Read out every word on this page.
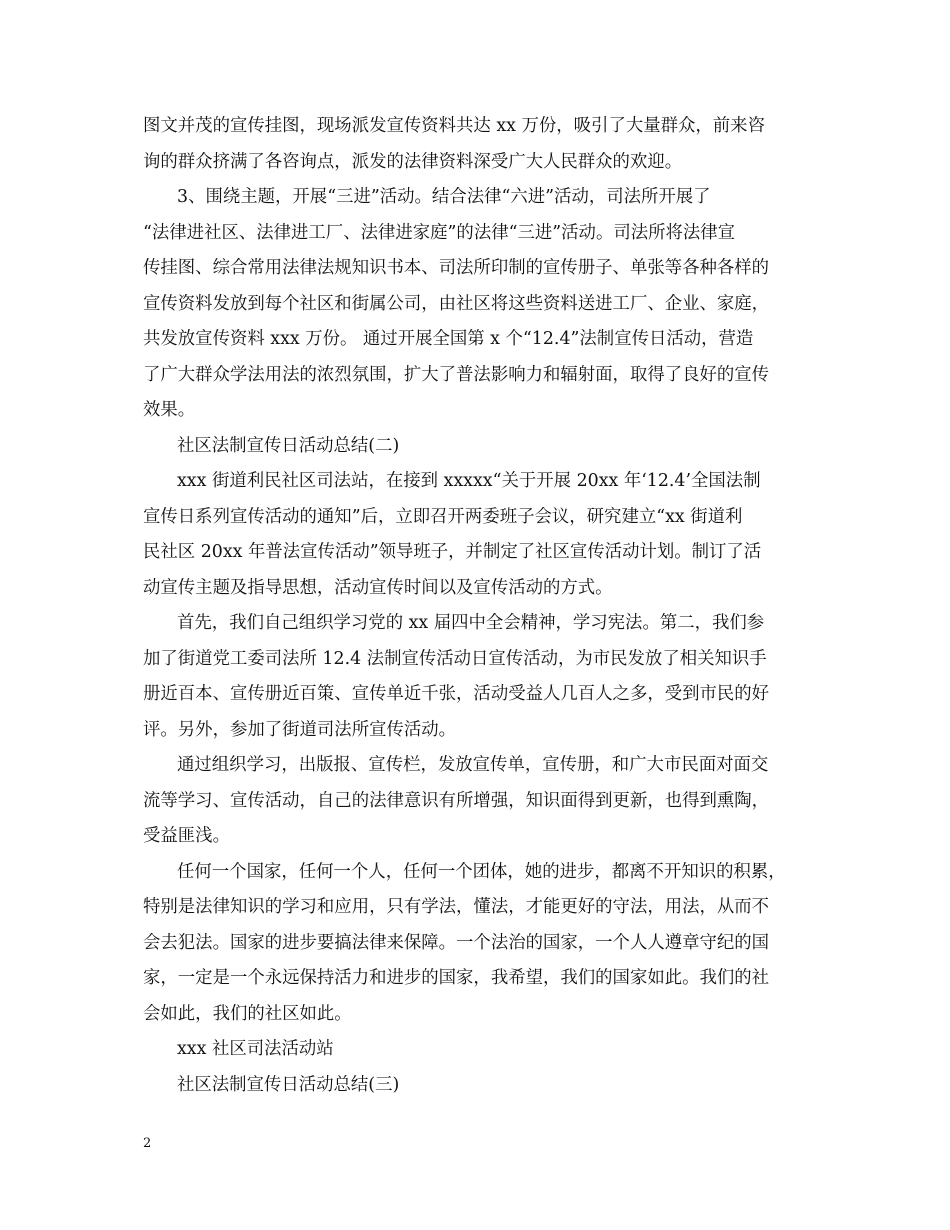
图文并茂的宣传挂图，现场派发宣传资料共达 xx 万份，吸引了大量群众，前来咨
询的群众挤满了各咨询点，派发的法律资料深受广大人民群众的欢迎。
3、围绕主题，开展“三进”活动。结合法律“六进”活动，司法所开展了
“法律进社区、法律进工厂、法律进家庭”的法律“三进”活动。司法所将法律宣
传挂图、综合常用法律法规知识书本、司法所印制的宣传册子、单张等各种各样的
宣传资料发放到每个社区和街属公司，由社区将这些资料送进工厂、企业、家庭，
共发放宣传资料 xxx 万份。 通过开展全国第 x 个“12.4”法制宣传日活动，营造
了广大群众学法用法的浓烈氛围，扩大了普法影响力和辐射面，取得了良好的宣传
效果。
社区法制宣传日活动总结(二)
xxx 街道利民社区司法站，在接到 xxxxx“关于开展 20xx 年‘12.4’全国法制
宣传日系列宣传活动的通知”后，立即召开两委班子会议，研究建立“xx 街道利
民社区 20xx 年普法宣传活动”领导班子，并制定了社区宣传活动计划。制订了活
动宣传主题及指导思想，活动宣传时间以及宣传活动的方式。
首先，我们自己组织学习党的 xx 届四中全会精神，学习宪法。第二，我们参
加了街道党工委司法所 12.4 法制宣传活动日宣传活动，为市民发放了相关知识手
册近百本、宣传册近百策、宣传单近千张，活动受益人几百人之多，受到市民的好
评。另外，参加了街道司法所宣传活动。
通过组织学习，出版报、宣传栏，发放宣传单，宣传册，和广大市民面对面交
流等学习、宣传活动，自己的法律意识有所增强，知识面得到更新，也得到熏陶，
受益匪浅。
任何一个国家，任何一个人，任何一个团体，她的进步，都离不开知识的积累，
特别是法律知识的学习和应用，只有学法，懂法，才能更好的守法，用法，从而不
会去犯法。国家的进步要搞法律来保障。一个法治的国家，一个人人遵章守纪的国
家，一定是一个永远保持活力和进步的国家，我希望，我们的国家如此。我们的社
会如此，我们的社区如此。
xxx 社区司法活动站
社区法制宣传日活动总结(三)
2
